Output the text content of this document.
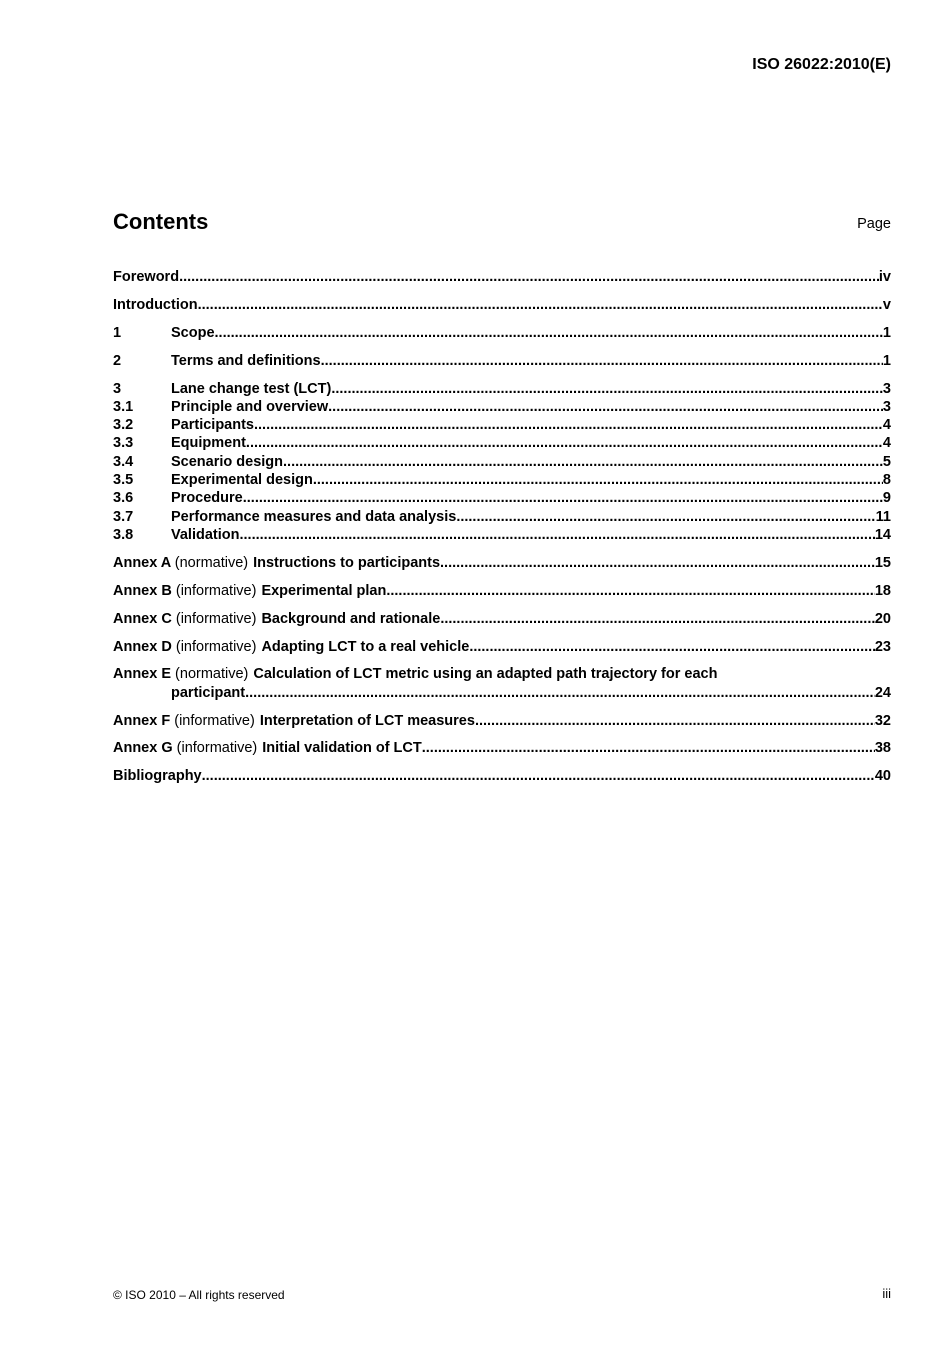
ISO 26022:2010(E)
Contents	Page
Foreword .....	iv
Introduction .....	v
1	Scope .....	1
2	Terms and definitions .....	1
3	Lane change test (LCT) .....	3
3.1	Principle and overview .....	3
3.2	Participants .....	4
3.3	Equipment .....	4
3.4	Scenario design .....	5
3.5	Experimental design .....	8
3.6	Procedure .....	9
3.7	Performance measures and data analysis .....	11
3.8	Validation .....	14
Annex A (normative) Instructions to participants .....	15
Annex B (informative) Experimental plan .....	18
Annex C (informative) Background and rationale .....	20
Annex D (informative) Adapting LCT to a real vehicle .....	23
Annex E (normative) Calculation of LCT metric using an adapted path trajectory for each
participant .....	24
Annex F (informative) Interpretation of LCT measures .....	32
Annex G (informative) Initial validation of LCT .....	38
Bibliography .....	40
© ISO 2010 – All rights reserved	iii
